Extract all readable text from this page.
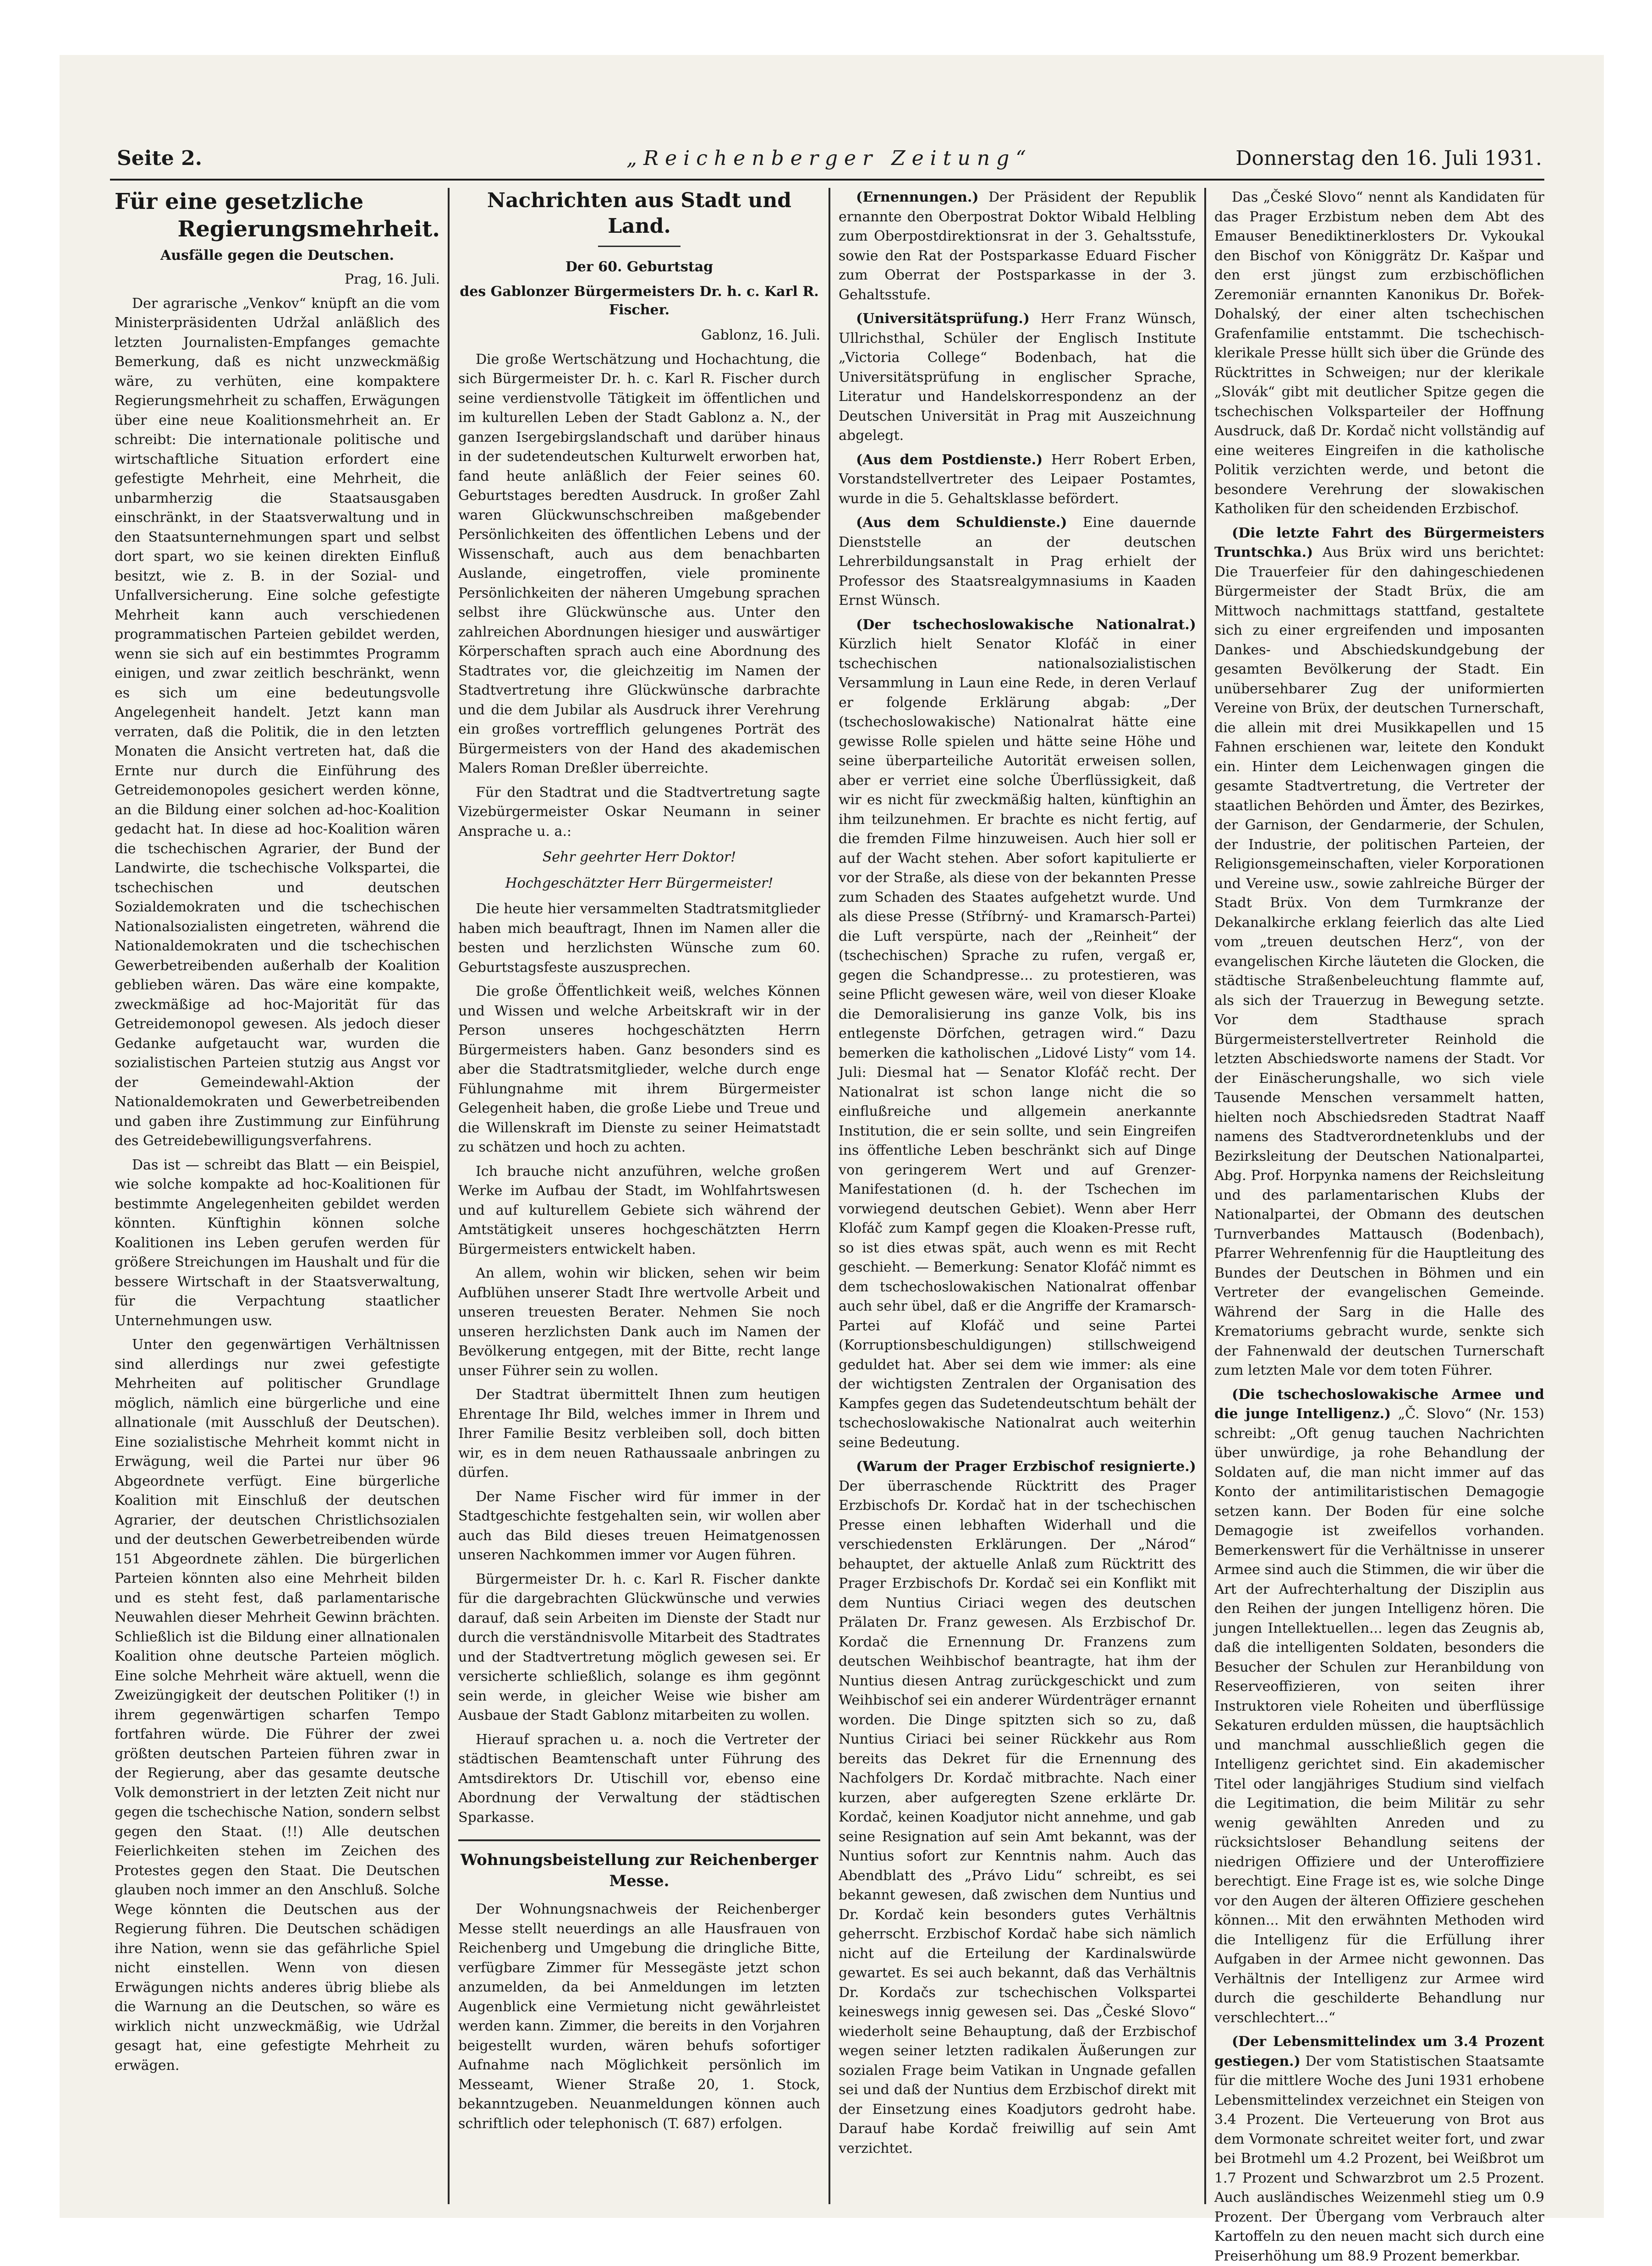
Seite 2.	„Reichenberger Zeitung“	Donnerstag den 16. Juli 1931.
Für eine gesetzliche
Regierungsmehrheit.
Ausfälle gegen die Deutschen.

Prag, 16. Juli.

Der agrarische „Venkov“ knüpft an die vom Ministerpräsidenten Udržal anläßlich des letzten Journalisten-Empfanges gemachte Bemerkung, daß es nicht unzweckmäßig wäre, zu verhüten, eine kompaktere Regierungsmehrheit zu schaffen, Erwägungen über eine neue Koalitionsmehrheit an. Er schreibt: Die internationale politische und wirtschaftliche Situation erfordert eine gefestigte Mehrheit, eine Mehrheit, die unbarmherzig die Staatsausgaben einschränkt, in der Staatsverwaltung und in den Staatsunternehmungen spart und selbst dort spart, wo sie keinen direkten Einfluß besitzt, wie z. B. in der Sozial- und Unfallversicherung. Eine solche gefestigte Mehrheit kann auch verschiedenen programmatischen Parteien gebildet werden, wenn sie sich auf ein bestimmtes Programm einigen, und zwar zeitlich beschränkt, wenn es sich um eine bedeutungsvolle Angelegenheit handelt. Jetzt kann man verraten, daß die Politik, die in den letzten Monaten die Ansicht vertreten hat, daß die Ernte nur durch die Einführung des Getreidemonopoles gesichert werden könne, an die Bildung einer solchen ad-hoc-Koalition gedacht hat. In diese ad hoc-Koalition wären die tschechischen Agrarier, der Bund der Landwirte, die tschechische Volkspartei, die tschechischen und deutschen Sozialdemokraten und die tschechischen Nationalsozialisten eingetreten, während die Nationaldemokraten und die tschechischen Gewerbetreibenden außerhalb der Koalition geblieben wären. Das wäre eine kompakte, zweckmäßige ad hoc-Majorität für das Getreidemonopol gewesen. Als jedoch dieser Gedanke aufgetaucht war, wurden die sozialistischen Parteien stutzig aus Angst vor der Gemeindewahl-Aktion der Nationaldemokraten und Gewerbetreibenden und gaben ihre Zustimmung zur Einführung des Getreidebewilligungsverfahrens.

Das ist — schreibt das Blatt — ein Beispiel, wie solche kompakte ad hoc-Koalitionen für bestimmte Angelegenheiten gebildet werden könnten. Künftighin können solche Koalitionen ins Leben gerufen werden für größere Streichungen im Haushalt und für die bessere Wirtschaft in der Staatsverwaltung, für die Verpachtung staatlicher Unternehmungen usw.

Unter den gegenwärtigen Verhältnissen sind allerdings nur zwei gefestigte Mehrheiten auf politischer Grundlage möglich, nämlich eine bürgerliche und eine allnationale (mit Ausschluß der Deutschen). Eine sozialistische Mehrheit kommt nicht in Erwägung, weil die Partei nur über 96 Abgeordnete verfügt. Eine bürgerliche Koalition mit Einschluß der deutschen Agrarier, der deutschen Christlichsozialen und der deutschen Gewerbetreibenden würde 151 Abgeordnete zählen. Die bürgerlichen Parteien könnten also eine Mehrheit bilden und es steht fest, daß parlamentarische Neuwahlen dieser Mehrheit Gewinn brächten. Schließlich ist die Bildung einer allnationalen Koalition ohne deutsche Parteien möglich. Eine solche Mehrheit wäre aktuell, wenn die Zweizüngigkeit der deutschen Politiker (!) in ihrem gegenwärtigen scharfen Tempo fortfahren würde. Die Führer der zwei größten deutschen Parteien führen zwar in der Regierung, aber das gesamte deutsche Volk demonstriert in der letzten Zeit nicht nur gegen die tschechische Nation, sondern selbst gegen den Staat. (!!) Alle deutschen Feierlichkeiten stehen im Zeichen des Protestes gegen den Staat. Die Deutschen glauben noch immer an den Anschluß. Solche Wege könnten die Deutschen aus der Regierung führen. Die Deutschen schädigen ihre Nation, wenn sie das gefährliche Spiel nicht einstellen. Wenn von diesen Erwägungen nichts anderes übrig bliebe als die Warnung an die Deutschen, so wäre es wirklich nicht unzweckmäßig, wie Udržal gesagt hat, eine gefestigte Mehrheit zu erwägen.

Nachrichten aus Stadt und Land.
Der 60. Geburtstag
des Gablonzer Bürgermeisters Dr. h. c. Karl R. Fischer.

Gablonz, 16. Juli.

Die große Wertschätzung und Hochachtung, die sich Bürgermeister Dr. h. c. Karl R. Fischer durch seine verdienstvolle Tätigkeit im öffentlichen und im kulturellen Leben der Stadt Gablonz a. N., der ganzen Isergebirgslandschaft und darüber hinaus in der sudetendeutschen Kulturwelt erworben hat, fand heute anläßlich der Feier seines 60. Geburtstages beredten Ausdruck. In großer Zahl waren Glückwunschschreiben maßgebender Persönlichkeiten des öffentlichen Lebens und der Wissenschaft, auch aus dem benachbarten Auslande, eingetroffen, viele prominente Persönlichkeiten der näheren Umgebung sprachen selbst ihre Glückwünsche aus. Unter den zahlreichen Abordnungen hiesiger und auswärtiger Körperschaften sprach auch eine Abordnung des Stadtrates vor, die gleichzeitig im Namen der Stadtvertretung ihre Glückwünsche darbrachte und die dem Jubilar als Ausdruck ihrer Verehrung ein großes vortrefflich gelungenes Porträt des Bürgermeisters von der Hand des akademischen Malers Roman Dreßler überreichte.

Für den Stadtrat und die Stadtvertretung sagte Vizebürgermeister Oskar Neumann in seiner Ansprache u. a.:

Sehr geehrter Herr Doktor!

Hochgeschätzter Herr Bürgermeister!

Die heute hier versammelten Stadtratsmitglieder haben mich beauftragt, Ihnen im Namen aller die besten und herzlichsten Wünsche zum 60. Geburtstagsfeste auszusprechen.

Die große Öffentlichkeit weiß, welches Können und Wissen und welche Arbeitskraft wir in der Person unseres hochgeschätzten Herrn Bürgermeisters haben. Ganz besonders sind es aber die Stadtratsmitglieder, welche durch enge Fühlungnahme mit ihrem Bürgermeister Gelegenheit haben, die große Liebe und Treue und die Willenskraft im Dienste zu seiner Heimatstadt zu schätzen und hoch zu achten.

Ich brauche nicht anzuführen, welche großen Werke im Aufbau der Stadt, im Wohlfahrtswesen und auf kulturellem Gebiete sich während der Amtstätigkeit unseres hochgeschätzten Herrn Bürgermeisters entwickelt haben.

An allem, wohin wir blicken, sehen wir beim Aufblühen unserer Stadt Ihre wertvolle Arbeit und unseren treuesten Berater. Nehmen Sie noch unseren herzlichsten Dank auch im Namen der Bevölkerung entgegen, mit der Bitte, recht lange unser Führer sein zu wollen.

Der Stadtrat übermittelt Ihnen zum heutigen Ehrentage Ihr Bild, welches immer in Ihrem und Ihrer Familie Besitz verbleiben soll, doch bitten wir, es in dem neuen Rathaussaale anbringen zu dürfen.

Der Name Fischer wird für immer in der Stadtgeschichte festgehalten sein, wir wollen aber auch das Bild dieses treuen Heimatgenossen unseren Nachkommen immer vor Augen führen.

Bürgermeister Dr. h. c. Karl R. Fischer dankte für die dargebrachten Glückwünsche und verwies darauf, daß sein Arbeiten im Dienste der Stadt nur durch die verständnisvolle Mitarbeit des Stadtrates und der Stadtvertretung möglich gewesen sei. Er versicherte schließlich, solange es ihm gegönnt sein werde, in gleicher Weise wie bisher am Ausbaue der Stadt Gablonz mitarbeiten zu wollen.

Hierauf sprachen u. a. noch die Vertreter der städtischen Beamtenschaft unter Führung des Amtsdirektors Dr. Utischill vor, ebenso eine Abordnung der Verwaltung der städtischen Sparkasse.

Wohnungsbeistellung zur Reichenberger Messe.

Der Wohnungsnachweis der Reichenberger Messe stellt neuerdings an alle Hausfrauen von Reichenberg und Umgebung die dringliche Bitte, verfügbare Zimmer für Messegäste jetzt schon anzumelden, da bei Anmeldungen im letzten Augenblick eine Vermietung nicht gewährleistet werden kann. Zimmer, die bereits in den Vorjahren beigestellt wurden, wären behufs sofortiger Aufnahme nach Möglichkeit persönlich im Messeamt, Wiener Straße 20, 1. Stock, bekanntzugeben. Neuanmeldungen können auch schriftlich oder telephonisch (T. 687) erfolgen.

(Ernennungen.) Der Präsident der Republik ernannte den Oberpostrat Doktor Wibald Helbling zum Oberpostdirektionsrat in der 3. Gehaltsstufe, sowie den Rat der Postsparkasse Eduard Fischer zum Oberrat der Postsparkasse in der 3. Gehaltsstufe.

(Universitätsprüfung.) Herr Franz Wünsch, Ullrichsthal, Schüler der Englisch Institute „Victoria College“ Bodenbach, hat die Universitätsprüfung in englischer Sprache, Literatur und Handelskorrespondenz an der Deutschen Universität in Prag mit Auszeichnung abgelegt.

(Aus dem Postdienste.) Herr Robert Erben, Vorstandstellvertreter des Leipaer Postamtes, wurde in die 5. Gehaltsklasse befördert.

(Aus dem Schuldienste.) Eine dauernde Dienststelle an der deutschen Lehrerbildungsanstalt in Prag erhielt der Professor des Staatsrealgymnasiums in Kaaden Ernst Wünsch.

(Der tschechoslowakische Nationalrat.) Kürzlich hielt Senator Klofáč in einer tschechischen nationalsozialistischen Versammlung in Laun eine Rede, in deren Verlauf er folgende Erklärung abgab: „Der (tschechoslowakische) Nationalrat hätte eine gewisse Rolle spielen und hätte seine Höhe und seine überparteiliche Autorität erweisen sollen, aber er verriet eine solche Überflüssigkeit, daß wir es nicht für zweckmäßig halten, künftighin an ihm teilzunehmen. Er brachte es nicht fertig, auf die fremden Filme hinzuweisen. Auch hier soll er auf der Wacht stehen. Aber sofort kapitulierte er vor der Straße, als diese von der bekannten Presse zum Schaden des Staates aufgehetzt wurde. Und als diese Presse (Stříbrný- und Kramarsch-Partei) die Luft verspürte, nach der „Reinheit“ der (tschechischen) Sprache zu rufen, vergaß er, gegen die Schandpresse... zu protestieren, was seine Pflicht gewesen wäre, weil von dieser Kloake die Demoralisierung ins ganze Volk, bis ins entlegenste Dörfchen, getragen wird.“ Dazu bemerken die katholischen „Lidové Listy“ vom 14. Juli: Diesmal hat — Senator Klofáč recht. Der Nationalrat ist schon lange nicht die so einflußreiche und allgemein anerkannte Institution, die er sein sollte, und sein Eingreifen ins öffentliche Leben beschränkt sich auf Dinge von geringerem Wert und auf Grenzer-Manifestationen (d. h. der Tschechen im vorwiegend deutschen Gebiet). Wenn aber Herr Klofáč zum Kampf gegen die Kloaken-Presse ruft, so ist dies etwas spät, auch wenn es mit Recht geschieht. — Bemerkung: Senator Klofáč nimmt es dem tschechoslowakischen Nationalrat offenbar auch sehr übel, daß er die Angriffe der Kramarsch-Partei auf Klofáč und seine Partei (Korruptionsbeschuldigungen) stillschweigend geduldet hat. Aber sei dem wie immer: als eine der wichtigsten Zentralen der Organisation des Kampfes gegen das Sudetendeutschtum behält der tschechoslowakische Nationalrat auch weiterhin seine Bedeutung.

(Warum der Prager Erzbischof resignierte.) Der überraschende Rücktritt des Prager Erzbischofs Dr. Kordač hat in der tschechischen Presse einen lebhaften Widerhall und die verschiedensten Erklärungen. Der „Národ“ behauptet, der aktuelle Anlaß zum Rücktritt des Prager Erzbischofs Dr. Kordač sei ein Konflikt mit dem Nuntius Ciriaci wegen des deutschen Prälaten Dr. Franz gewesen. Als Erzbischof Dr. Kordač die Ernennung Dr. Franzens zum deutschen Weihbischof beantragte, hat ihm der Nuntius diesen Antrag zurückgeschickt und zum Weihbischof sei ein anderer Würdenträger ernannt worden. Die Dinge spitzten sich so zu, daß Nuntius Ciriaci bei seiner Rückkehr aus Rom bereits das Dekret für die Ernennung des Nachfolgers Dr. Kordač mitbrachte. Nach einer kurzen, aber aufgeregten Szene erklärte Dr. Kordač, keinen Koadjutor nicht annehme, und gab seine Resignation auf sein Amt bekannt, was der Nuntius sofort zur Kenntnis nahm. Auch das Abendblatt des „Právo Lidu“ schreibt, es sei bekannt gewesen, daß zwischen dem Nuntius und Dr. Kordač kein besonders gutes Verhältnis geherrscht. Erzbischof Kordač habe sich nämlich nicht auf die Erteilung der Kardinalswürde gewartet. Es sei auch bekannt, daß das Verhältnis Dr. Kordačs zur tschechischen Volkspartei keineswegs innig gewesen sei. Das „České Slovo“ wiederholt seine Behauptung, daß der Erzbischof wegen seiner letzten radikalen Äußerungen zur sozialen Frage beim Vatikan in Ungnade gefallen sei und daß der Nuntius dem Erzbischof direkt mit der Einsetzung eines Koadjutors gedroht habe. Darauf habe Kordač freiwillig auf sein Amt verzichtet.

Das „České Slovo“ nennt als Kandidaten für das Prager Erzbistum neben dem Abt des Emauser Benediktinerklosters Dr. Vykoukal den Bischof von Königgrätz Dr. Kašpar und den erst jüngst zum erzbischöflichen Zeremoniär ernannten Kanonikus Dr. Bořek-Dohalský, der einer alten tschechischen Grafenfamilie entstammt. Die tschechisch-klerikale Presse hüllt sich über die Gründe des Rücktrittes in Schweigen; nur der klerikale „Slovák“ gibt mit deutlicher Spitze gegen die tschechischen Volksparteiler der Hoffnung Ausdruck, daß Dr. Kordač nicht vollständig auf eine weiteres Eingreifen in die katholische Politik verzichten werde, und betont die besondere Verehrung der slowakischen Katholiken für den scheidenden Erzbischof.

(Die letzte Fahrt des Bürgermeisters Truntschka.) Aus Brüx wird uns berichtet: Die Trauerfeier für den dahingeschiedenen Bürgermeister der Stadt Brüx, die am Mittwoch nachmittags stattfand, gestaltete sich zu einer ergreifenden und imposanten Dankes- und Abschiedskundgebung der gesamten Bevölkerung der Stadt. Ein unübersehbarer Zug der uniformierten Vereine von Brüx, der deutschen Turnerschaft, die allein mit drei Musikkapellen und 15 Fahnen erschienen war, leitete den Kondukt ein. Hinter dem Leichenwagen gingen die gesamte Stadtvertretung, die Vertreter der staatlichen Behörden und Ämter, des Bezirkes, der Garnison, der Gendarmerie, der Schulen, der Industrie, der politischen Parteien, der Religionsgemeinschaften, vieler Korporationen und Vereine usw., sowie zahlreiche Bürger der Stadt Brüx. Von dem Turmkranze der Dekanalkirche erklang feierlich das alte Lied vom „treuen deutschen Herz“, von der evangelischen Kirche läuteten die Glocken, die städtische Straßenbeleuchtung flammte auf, als sich der Trauerzug in Bewegung setzte. Vor dem Stadthause sprach Bürgermeisterstellvertreter Reinhold die letzten Abschiedsworte namens der Stadt. Vor der Einäscherungshalle, wo sich viele Tausende Menschen versammelt hatten, hielten noch Abschiedsreden Stadtrat Naaff namens des Stadtverordnetenklubs und der Bezirksleitung der Deutschen Nationalpartei, Abg. Prof. Horpynka namens der Reichsleitung und des parlamentarischen Klubs der Nationalpartei, der Obmann des deutschen Turnverbandes Mattausch (Bodenbach), Pfarrer Wehrenfennig für die Hauptleitung des Bundes der Deutschen in Böhmen und ein Vertreter der evangelischen Gemeinde. Während der Sarg in die Halle des Krematoriums gebracht wurde, senkte sich der Fahnenwald der deutschen Turnerschaft zum letzten Male vor dem toten Führer.

(Die tschechoslowakische Armee und die junge Intelligenz.) „Č. Slovo“ (Nr. 153) schreibt: „Oft genug tauchen Nachrichten über unwürdige, ja rohe Behandlung der Soldaten auf, die man nicht immer auf das Konto der antimilitaristischen Demagogie setzen kann. Der Boden für eine solche Demagogie ist zweifellos vorhanden. Bemerkenswert für die Verhältnisse in unserer Armee sind auch die Stimmen, die wir über die Art der Aufrechterhaltung der Disziplin aus den Reihen der jungen Intelligenz hören. Die jungen Intellektuellen... legen das Zeugnis ab, daß die intelligenten Soldaten, besonders die Besucher der Schulen zur Heranbildung von Reserveoffizieren, von seiten ihrer Instruktoren viele Roheiten und überflüssige Sekaturen erdulden müssen, die hauptsächlich und manchmal ausschließlich gegen die Intelligenz gerichtet sind. Ein akademischer Titel oder langjähriges Studium sind vielfach die Legitimation, die beim Militär zu sehr wenig gewählten Anreden und zu rücksichtsloser Behandlung seitens der niedrigen Offiziere und der Unteroffiziere berechtigt. Eine Frage ist es, wie solche Dinge vor den Augen der älteren Offiziere geschehen können... Mit den erwähnten Methoden wird die Intelligenz für die Erfüllung ihrer Aufgaben in der Armee nicht gewonnen. Das Verhältnis der Intelligenz zur Armee wird durch die geschilderte Behandlung nur verschlechtert...“

(Der Lebensmittelindex um 3.4 Prozent gestiegen.) Der vom Statistischen Staatsamte für die mittlere Woche des Juni 1931 erhobene Lebensmittelindex verzeichnet ein Steigen von 3.4 Prozent. Die Verteuerung von Brot aus dem Vormonate schreitet weiter fort, und zwar bei Brotmehl um 4.2 Prozent, bei Weißbrot um 1.7 Prozent und Schwarzbrot um 2.5 Prozent. Auch ausländisches Weizenmehl stieg um 0.9 Prozent. Der Übergang vom Verbrauch alter Kartoffeln zu den neuen macht sich durch eine Preiserhöhung um 88.9 Prozent bemerkbar.
